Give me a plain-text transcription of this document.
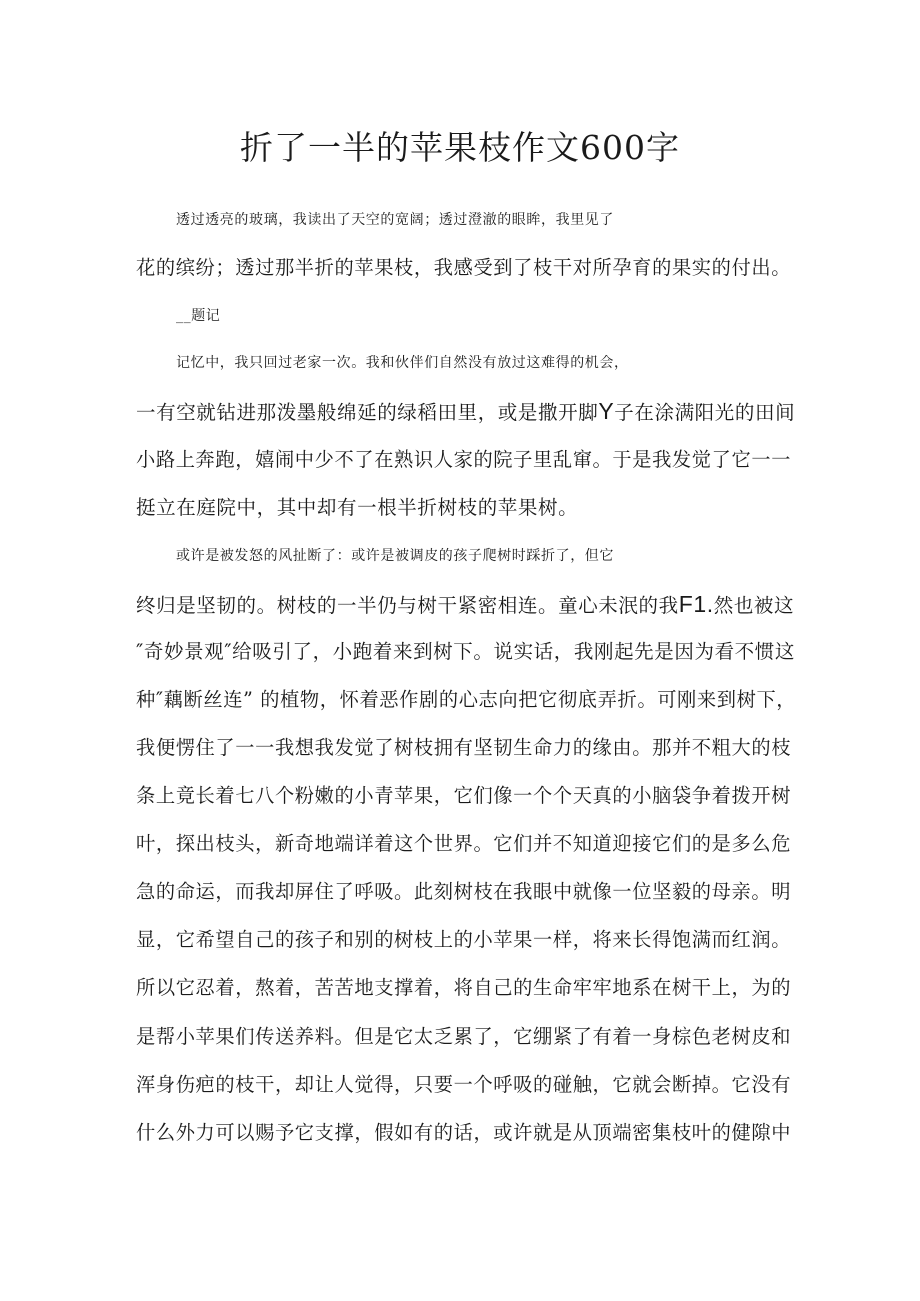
折了一半的苹果枝作文600字

透过透亮的玻璃，我读出了天空的宽阔；透过澄澈的眼眸，我里见了

花的缤纷；透过那半折的苹果枝，我感受到了枝干对所孕育的果实的付出。

__题记

记忆中，我只回过老家一次。我和伙伴们自然没有放过这难得的机会，

一有空就钻进那泼墨般绵延的绿稻田里，或是撒开脚Y子在涂满阳光的田间

小路上奔跑，嬉闹中少不了在熟识人家的院子里乱窜。于是我发觉了它一一

挺立在庭院中，其中却有一根半折树枝的苹果树。

或许是被发怒的风扯断了：或许是被调皮的孩子爬树时踩折了，但它

终归是坚韧的。树枝的一半仍与树干紧密相连。童心未泯的我F1.然也被这

″奇妙景观″给吸引了，小跑着来到树下。说实话，我刚起先是因为看不惯这

种″藕断丝连” 的植物，怀着恶作剧的心志向把它彻底弄折。可刚来到树下，

我便愣住了一一我想我发觉了树枝拥有坚韧生命力的缘由。那并不粗大的枝

条上竟长着七八个粉嫩的小青苹果，它们像一个个天真的小脑袋争着拨开树

叶，探出枝头，新奇地端详着这个世界。它们并不知道迎接它们的是多么危

急的命运，而我却屏住了呼吸。此刻树枝在我眼中就像一位坚毅的母亲。明

显，它希望自己的孩子和别的树枝上的小苹果一样，将来长得饱满而红润。

所以它忍着，熬着，苦苦地支撑着，将自己的生命牢牢地系在树干上，为的

是帮小苹果们传送养料。但是它太乏累了，它绷紧了有着一身棕色老树皮和

浑身伤疤的枝干，却让人觉得，只要一个呼吸的碰触，它就会断掉。它没有

什么外力可以赐予它支撑，假如有的话，或许就是从顶端密集枝叶的健隙中
